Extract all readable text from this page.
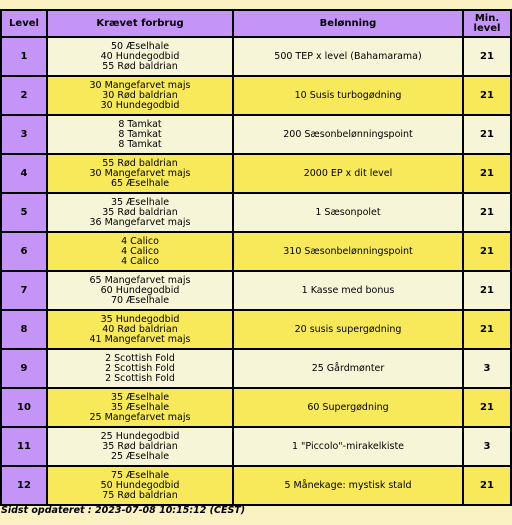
Level	Krævet forbrug	Belønning	Min.
level

1	50 Æselhale
40 Hundegodbid
55 Rød baldrian	500 TEP x level (Bahamarama)	21
2	30 Mangefarvet majs
30 Rød baldrian
30 Hundegodbid	10 Susis turbogødning	21
3	8 Tamkat
8 Tamkat
8 Tamkat	200 Sæsonbelønningspoint	21
4	55 Rød baldrian
30 Mangefarvet majs
65 Æselhale	2000 EP x dit level	21
5	35 Æselhale
35 Rød baldrian
36 Mangefarvet majs	1 Sæsonpolet	21
6	4 Calico
4 Calico
4 Calico	310 Sæsonbelønningspoint	21
7	65 Mangefarvet majs
60 Hundegodbid
70 Æselhale	1 Kasse med bonus	21
8	35 Hundegodbid
40 Rød baldrian
41 Mangefarvet majs	20 susis supergødning	21
9	2 Scottish Fold
2 Scottish Fold
2 Scottish Fold	25 Gårdmønter	3
10	35 Æselhale
35 Æselhale
25 Mangefarvet majs	60 Supergødning	21
11	25 Hundegodbid
35 Rød baldrian
25 Æselhale	1 "Piccolo"-mirakelkiste	3
12	75 Æselhale
50 Hundegodbid
75 Rød baldrian	5 Månekage: mystisk stald	21
Sidst opdateret : 2023-07-08 10:15:12 (CEST)
